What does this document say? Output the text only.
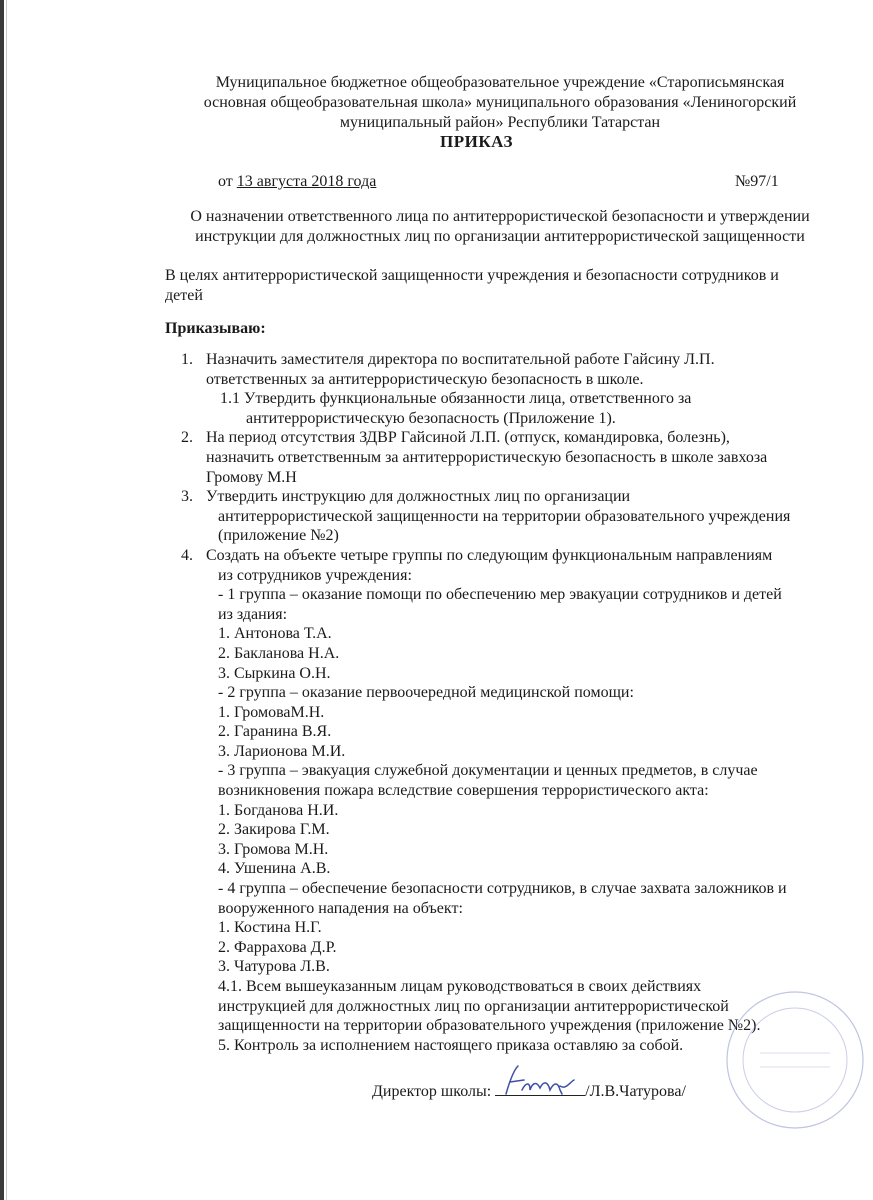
Муниципальное бюджетное общеобразовательное учреждение «Старописьмянская
основная общеобразовательная школа» муниципального образования «Лениногорский
муниципальный район» Республики Татарстан
ПРИКАЗ
от 13 августа 2018 года	№97/1
О назначении ответственного лица по антитеррористической безопасности и утверждении
инструкции для должностных лиц по организации антитеррористической защищенности
В целях антитеррористической защищенности учреждения и безопасности сотрудников и
детей
Приказываю:
1. Назначить заместителя директора по воспитательной работе Гайсину Л.П.
ответственных за антитеррористическую безопасность в школе.
1.1 Утвердить функциональные обязанности лица, ответственного за
антитеррористическую безопасность (Приложение 1).
2. На период отсутствия ЗДВР Гайсиной Л.П. (отпуск, командировка, болезнь),
назначить ответственным за антитеррористическую безопасность в школе завхоза
Громову М.Н
3. Утвердить инструкцию для должностных лиц по организации
антитеррористической защищенности на территории образовательного учреждения
(приложение №2)
4. Создать на объекте четыре группы по следующим функциональным направлениям
из сотрудников учреждения:
- 1 группа – оказание помощи по обеспечению мер эвакуации сотрудников и детей
из здания:
1. Антонова Т.А.
2. Бакланова Н.А.
3. Сыркина О.Н.
- 2 группа – оказание первоочередной медицинской помощи:
1. ГромоваМ.Н.
2. Гаранина В.Я.
3. Ларионова М.И.
- 3 группа – эвакуация служебной документации и ценных предметов, в случае
возникновения пожара вследствие совершения террористического акта:
1. Богданова Н.И.
2. Закирова Г.М.
3. Громова М.Н.
4. Ушенина А.В.
- 4 группа – обеспечение безопасности сотрудников, в случае захвата заложников и
вооруженного нападения на объект:
1. Костина Н.Г.
2. Фаррахова Д.Р.
3. Чатурова Л.В.
4.1. Всем вышеуказанным лицам руководствоваться в своих действиях
инструкцией для должностных лиц по организации антитеррористической
защищенности на территории образовательного учреждения (приложение №2).
5. Контроль за исполнением настоящего приказа оставляю за собой.
Директор школы:	/Л.В.Чатурова/
